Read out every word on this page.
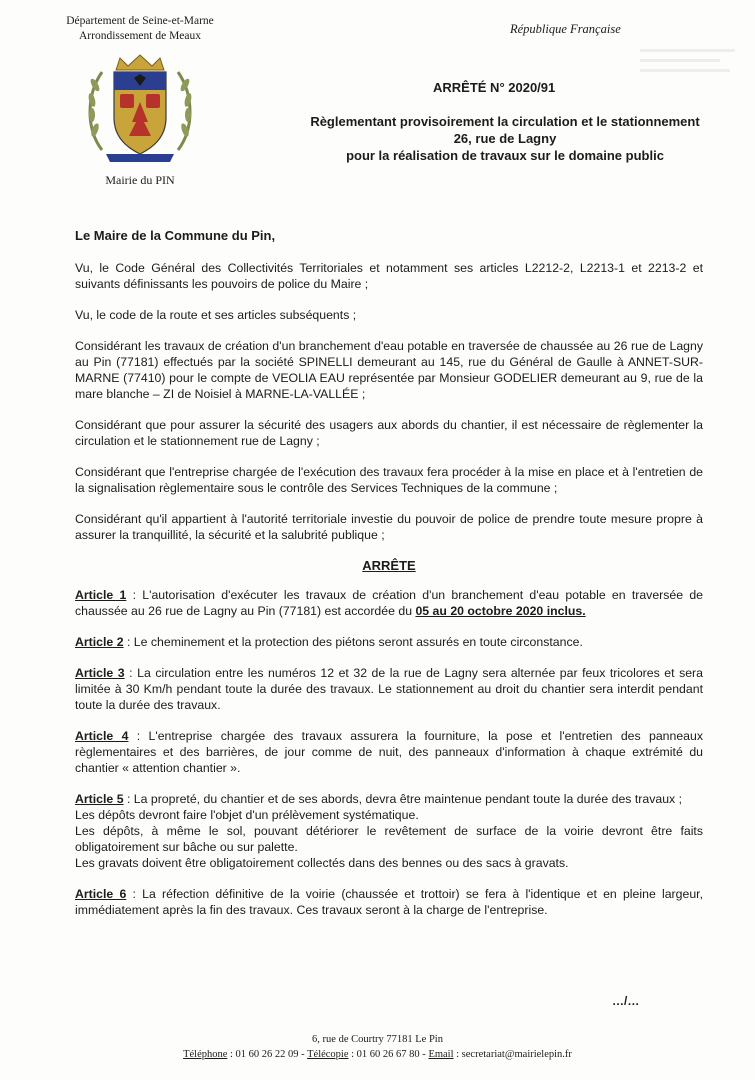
Département de Seine-et-Marne
Arrondissement de Meaux
Mairie du PIN
République Française
ARRÊTÉ N° 2020/91
Règlementant provisoirement la circulation et le stationnement
26, rue de Lagny
pour la réalisation de travaux sur le domaine public

Le Maire de la Commune du Pin,

Vu, le Code Général des Collectivités Territoriales et notamment ses articles L2212-2, L2213-1 et 2213-2 et suivants définissants les pouvoirs de police du Maire ;

Vu, le code de la route et ses articles subséquents ;

Considérant les travaux de création d'un branchement d'eau potable en traversée de chaussée au 26 rue de Lagny au Pin (77181) effectués par la société SPINELLI demeurant au 145, rue du Général de Gaulle à ANNET-SUR-MARNE (77410) pour le compte de VEOLIA EAU représentée par Monsieur GODELIER demeurant au 9, rue de la mare blanche – ZI de Noisiel à MARNE-LA-VALLÉE ;

Considérant que pour assurer la sécurité des usagers aux abords du chantier, il est nécessaire de règlementer la circulation et le stationnement rue de Lagny ;

Considérant que l'entreprise chargée de l'exécution des travaux fera procéder à la mise en place et à l'entretien de la signalisation règlementaire sous le contrôle des Services Techniques de la commune ;

Considérant qu'il appartient à l'autorité territoriale investie du pouvoir de police de prendre toute mesure propre à assurer la tranquillité, la sécurité et la salubrité publique ;

ARRÊTE

Article 1 : L'autorisation d'exécuter les travaux de création d'un branchement d'eau potable en traversée de chaussée au 26 rue de Lagny au Pin (77181) est accordée du 05 au 20 octobre 2020 inclus.

Article 2 : Le cheminement et la protection des piétons seront assurés en toute circonstance.

Article 3 : La circulation entre les numéros 12 et 32 de la rue de Lagny sera alternée par feux tricolores et sera limitée à 30 Km/h pendant toute la durée des travaux. Le stationnement au droit du chantier sera interdit pendant toute la durée des travaux.

Article 4 : L'entreprise chargée des travaux assurera la fourniture, la pose et l'entretien des panneaux règlementaires et des barrières, de jour comme de nuit, des panneaux d'information à chaque extrémité du chantier « attention chantier ».

Article 5 : La propreté, du chantier et de ses abords, devra être maintenue pendant toute la durée des travaux ;
Les dépôts devront faire l'objet d'un prélèvement systématique.
Les dépôts, à même le sol, pouvant détériorer le revêtement de surface de la voirie devront être faits obligatoirement sur bâche ou sur palette.
Les gravats doivent être obligatoirement collectés dans des bennes ou des sacs à gravats.

Article 6 : La réfection définitive de la voirie (chaussée et trottoir) se fera à l'identique et en pleine largeur, immédiatement après la fin des travaux. Ces travaux seront à la charge de l'entreprise.

…/…
6, rue de Courtry 77181 Le Pin
Téléphone : 01 60 26 22 09 - Télécopie : 01 60 26 67 80 - Email : secretariat@mairielepin.fr
